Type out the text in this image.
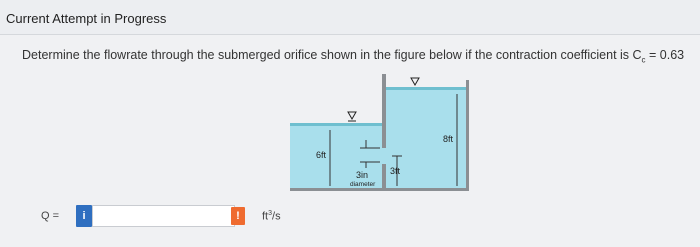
Current Attempt in Progress
Determine the flowrate through the submerged orifice shown in the figure below if the contraction coefficient is $C_c = 0.63$
6ft
3in
diameter
3ft
8ft
Q =	i	!	$ft^3/s$
